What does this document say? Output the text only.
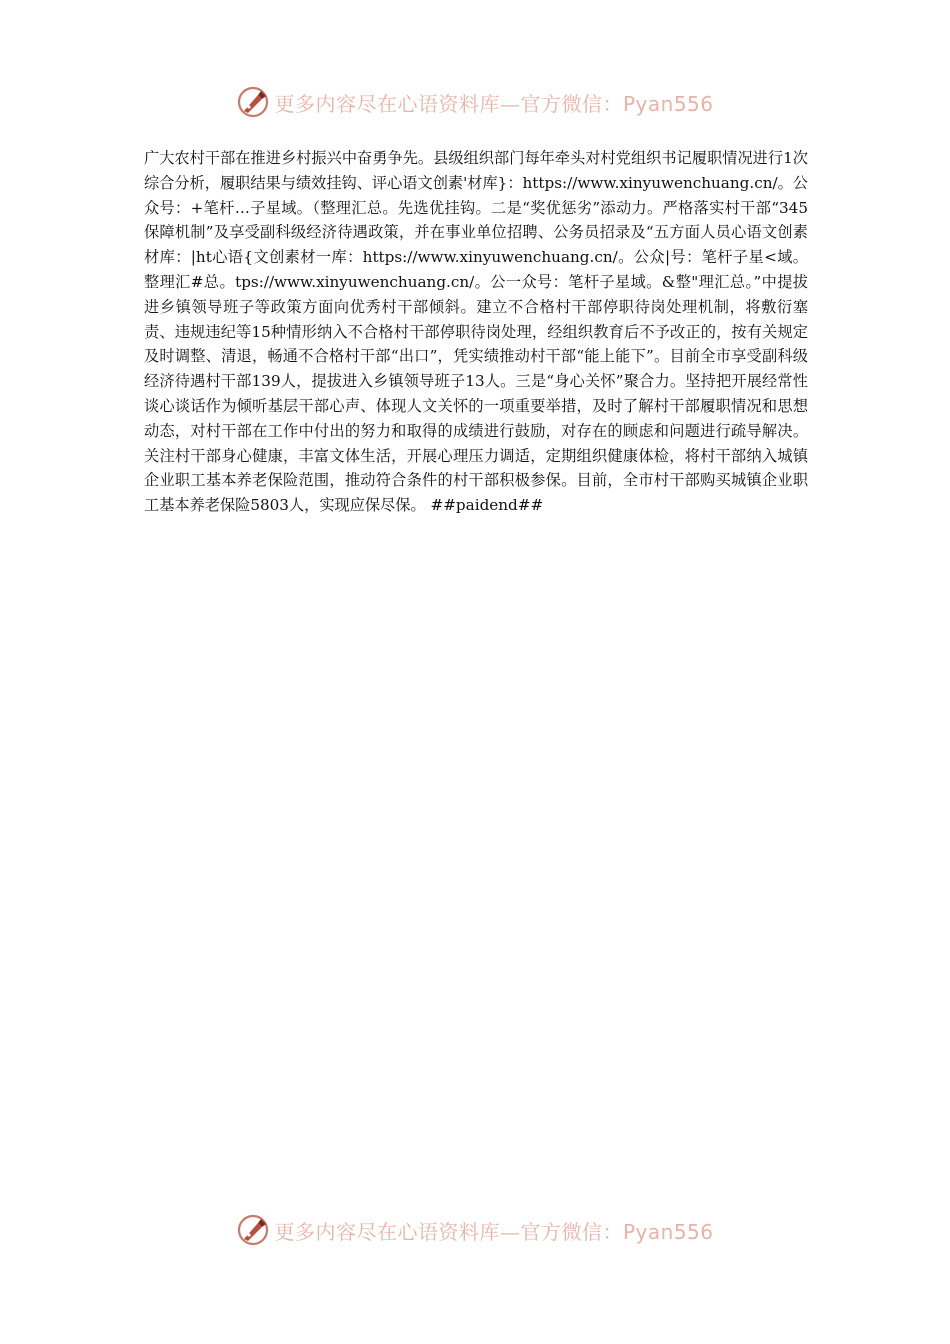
更多内容尽在心语资料库—官方微信：Pyan556

广大农村干部在推进乡村振兴中奋勇争先。县级组织部门每年牵头对村党组织书记履职情况进行1次综合分析，履职结果与绩效挂钩、评心语文创素'材库}：https://www.xinyuwenchuang.cn/。公众号：+笔杆…子星域。（整理汇总。先选优挂钩。二是“奖优惩劣”添动力。严格落实村干部“345保障机制”及享受副科级经济待遇政策，并在事业单位招聘、公务员招录及“五方面人员心语文创素材库：|ht心语{文创素材一库：https://www.xinyuwenchuang.cn/。公众|号：笔杆子星<域。整理汇#总。tps://www.xinyuwenchuang.cn/。公一众号：笔杆子星域。&整"理汇总。”中提拔进乡镇领导班子等政策方面向优秀村干部倾斜。建立不合格村干部停职待岗处理机制，将敷衍塞责、违规违纪等15种情形纳入不合格村干部停职待岗处理，经组织教育后不予改正的，按有关规定及时调整、清退，畅通不合格村干部“出口”，凭实绩推动村干部“能上能下”。目前全市享受副科级经济待遇村干部139人，提拔进入乡镇领导班子13人。三是“身心关怀”聚合力。坚持把开展经常性谈心谈话作为倾听基层干部心声、体现人文关怀的一项重要举措，及时了解村干部履职情况和思想动态，对村干部在工作中付出的努力和取得的成绩进行鼓励，对存在的顾虑和问题进行疏导解决。关注村干部身心健康，丰富文体生活，开展心理压力调适，定期组织健康体检，将村干部纳入城镇企业职工基本养老保险范围，推动符合条件的村干部积极参保。目前，全市村干部购买城镇企业职工基本养老保险5803人，实现应保尽保。 ##paidend##

更多内容尽在心语资料库—官方微信：Pyan556
